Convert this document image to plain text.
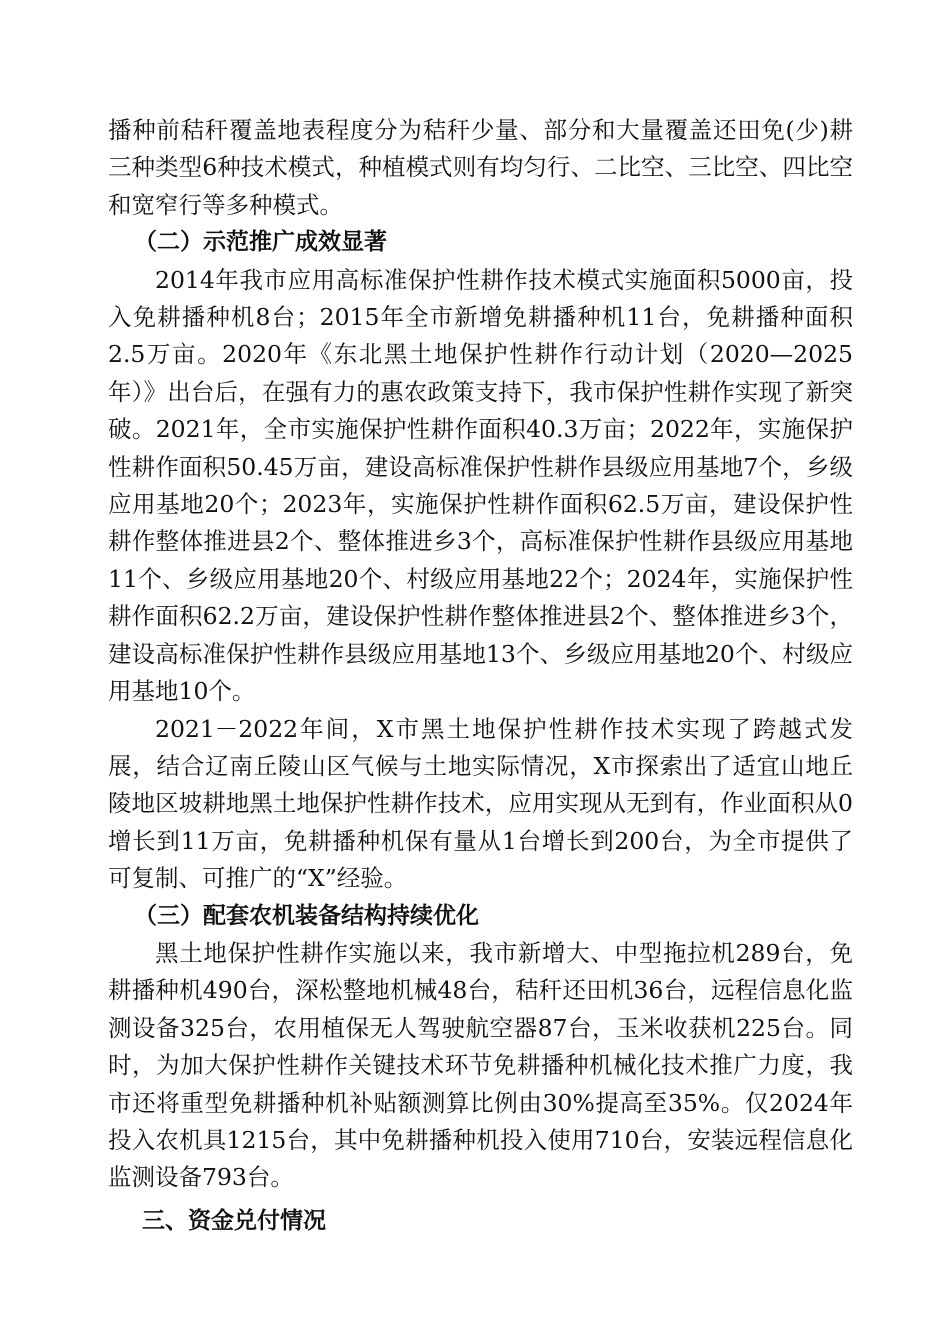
播种前秸秆覆盖地表程度分为秸秆少量、部分和大量覆盖还田免(少)耕三种类型6种技术模式，种植模式则有均匀行、二比空、三比空、四比空和宽窄行等多种模式。

（二）示范推广成效显著

2014年我市应用高标准保护性耕作技术模式实施面积5000亩，投入免耕播种机8台；2015年全市新增免耕播种机11台，免耕播种面积2.5万亩。2020年《东北黑土地保护性耕作行动计划（2020—2025年）》出台后，在强有力的惠农政策支持下，我市保护性耕作实现了新突破。2021年，全市实施保护性耕作面积40.3万亩；2022年，实施保护性耕作面积50.45万亩，建设高标准保护性耕作县级应用基地7个，乡级应用基地20个；2023年，实施保护性耕作面积62.5万亩，建设保护性耕作整体推进县2个、整体推进乡3个，高标准保护性耕作县级应用基地11个、乡级应用基地20个、村级应用基地22个；2024年，实施保护性耕作面积62.2万亩，建设保护性耕作整体推进县2个、整体推进乡3个，建设高标准保护性耕作县级应用基地13个、乡级应用基地20个、村级应用基地10个。

2021－2022年间，X市黑土地保护性耕作技术实现了跨越式发展，结合辽南丘陵山区气候与土地实际情况，X市探索出了适宜山地丘陵地区坡耕地黑土地保护性耕作技术，应用实现从无到有，作业面积从0增长到11万亩，免耕播种机保有量从1台增长到200台，为全市提供了可复制、可推广的“X”经验。

（三）配套农机装备结构持续优化

黑土地保护性耕作实施以来，我市新增大、中型拖拉机289台，免耕播种机490台，深松整地机械48台，秸秆还田机36台，远程信息化监测设备325台，农用植保无人驾驶航空器87台，玉米收获机225台。同时，为加大保护性耕作关键技术环节免耕播种机械化技术推广力度，我市还将重型免耕播种机补贴额测算比例由30%提高至35%。仅2024年投入农机具1215台，其中免耕播种机投入使用710台，安装远程信息化监测设备793台。

三、资金兑付情况
